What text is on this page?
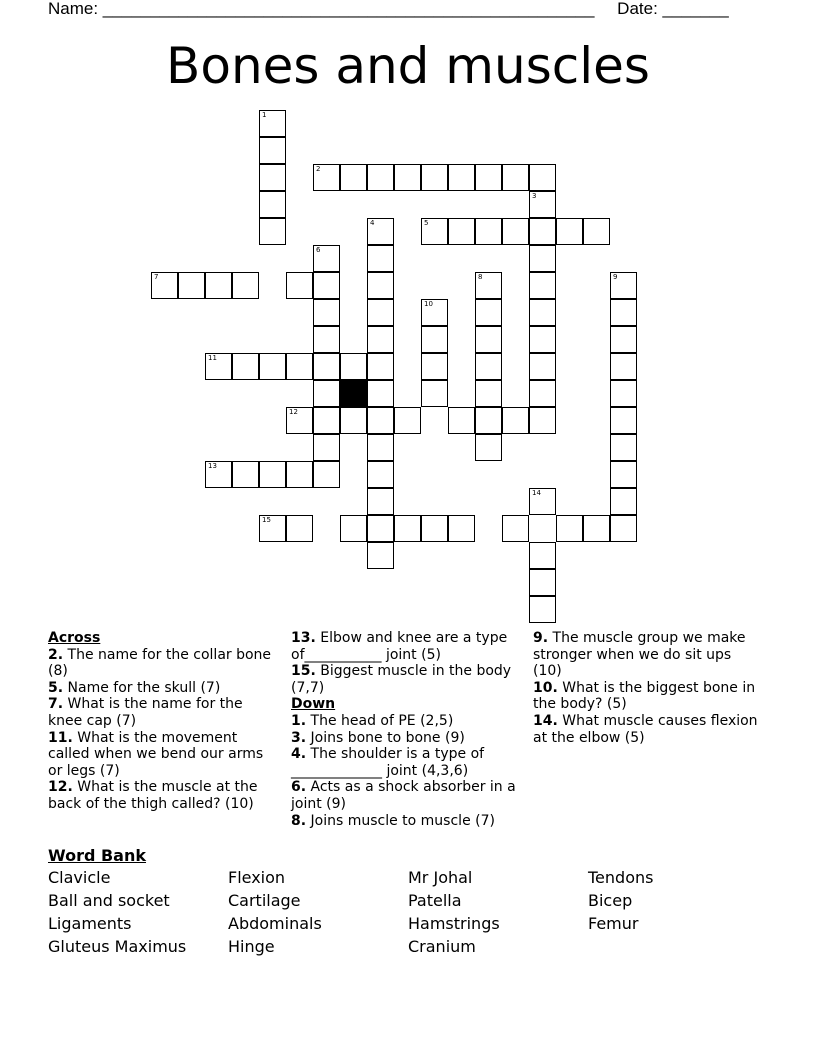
Name: ____________________________________________________ Date: _______
Bones and muscles
1
2
3
4	5
6
7	8	9
10
11
12
13
15
14
Across
2. The name for the collar bone (8)
5. Name for the skull (7)
7. What is the name for the knee cap (7)
11. What is the movement called when we bend our arms or legs (7)
12. What is the muscle at the back of the thigh called? (10)
13. Elbow and knee are a type of___________ joint (5)
15. Biggest muscle in the body (7,7)
Down
1. The head of PE (2,5)
3. Joins bone to bone (9)
4. The shoulder is a type of _____________ joint (4,3,6)
6. Acts as a shock absorber in a joint (9)
8. Joins muscle to muscle (7)
9. The muscle group we make stronger when we do sit ups (10)
10. What is the biggest bone in the body? (5)
14. What muscle causes flexion at the elbow (5)
Word Bank
Clavicle	Flexion	Mr Johal	Tendons
Ball and socket	Cartilage	Patella	Bicep
Ligaments	Abdominals	Hamstrings	Femur
Gluteus Maximus	Hinge	Cranium
